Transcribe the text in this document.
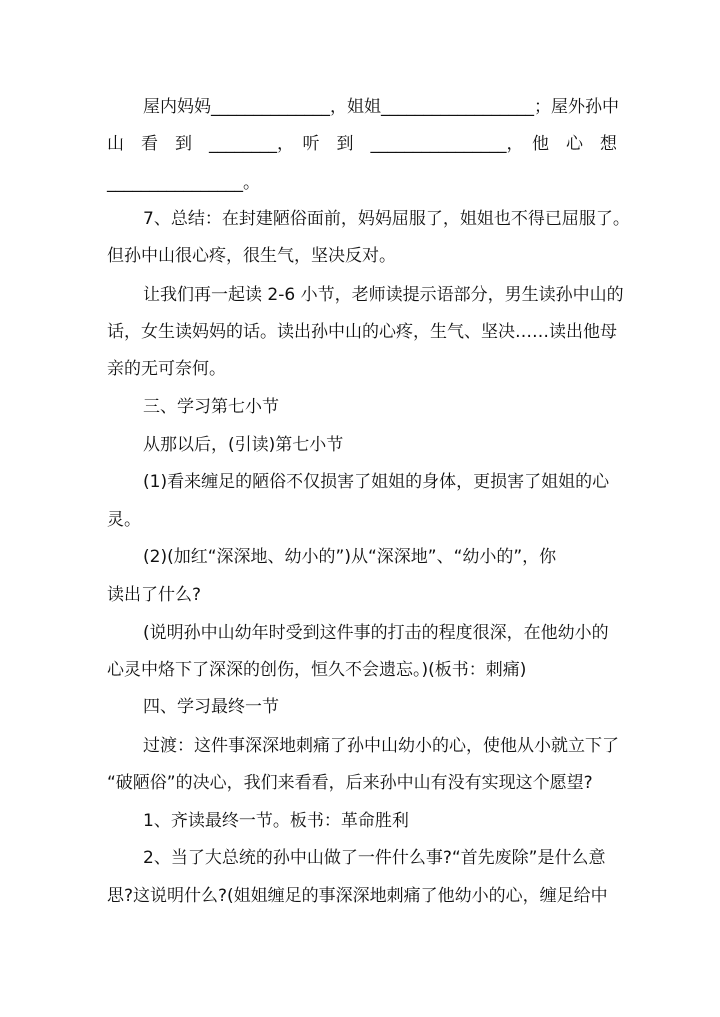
屋内妈妈______________，姐姐__________________；屋外孙中
山　看　到　________，　听　到　________________，　他　心　想
________________。
7、总结：在封建陋俗面前，妈妈屈服了，姐姐也不得已屈服了。
但孙中山很心疼，很生气，坚决反对。
让我们再一起读 2-6 小节，老师读提示语部分，男生读孙中山的
话，女生读妈妈的话。读出孙中山的心疼，生气、坚决……读出他母
亲的无可奈何。
三、学习第七小节
从那以后，(引读)第七小节
(1)看来缠足的陋俗不仅损害了姐姐的身体，更损害了姐姐的心
灵。
(2)(加红“深深地、幼小的”)从“深深地”、“幼小的”，你
读出了什么?
(说明孙中山幼年时受到这件事的打击的程度很深，在他幼小的
心灵中烙下了深深的创伤，恒久不会遗忘。)(板书：刺痛)
四、学习最终一节
过渡：这件事深深地刺痛了孙中山幼小的心，使他从小就立下了
“破陋俗”的决心，我们来看看，后来孙中山有没有实现这个愿望?
1、齐读最终一节。板书：革命胜利
2、当了大总统的孙中山做了一件什么事?“首先废除”是什么意
思?这说明什么?(姐姐缠足的事深深地刺痛了他幼小的心，缠足给中
